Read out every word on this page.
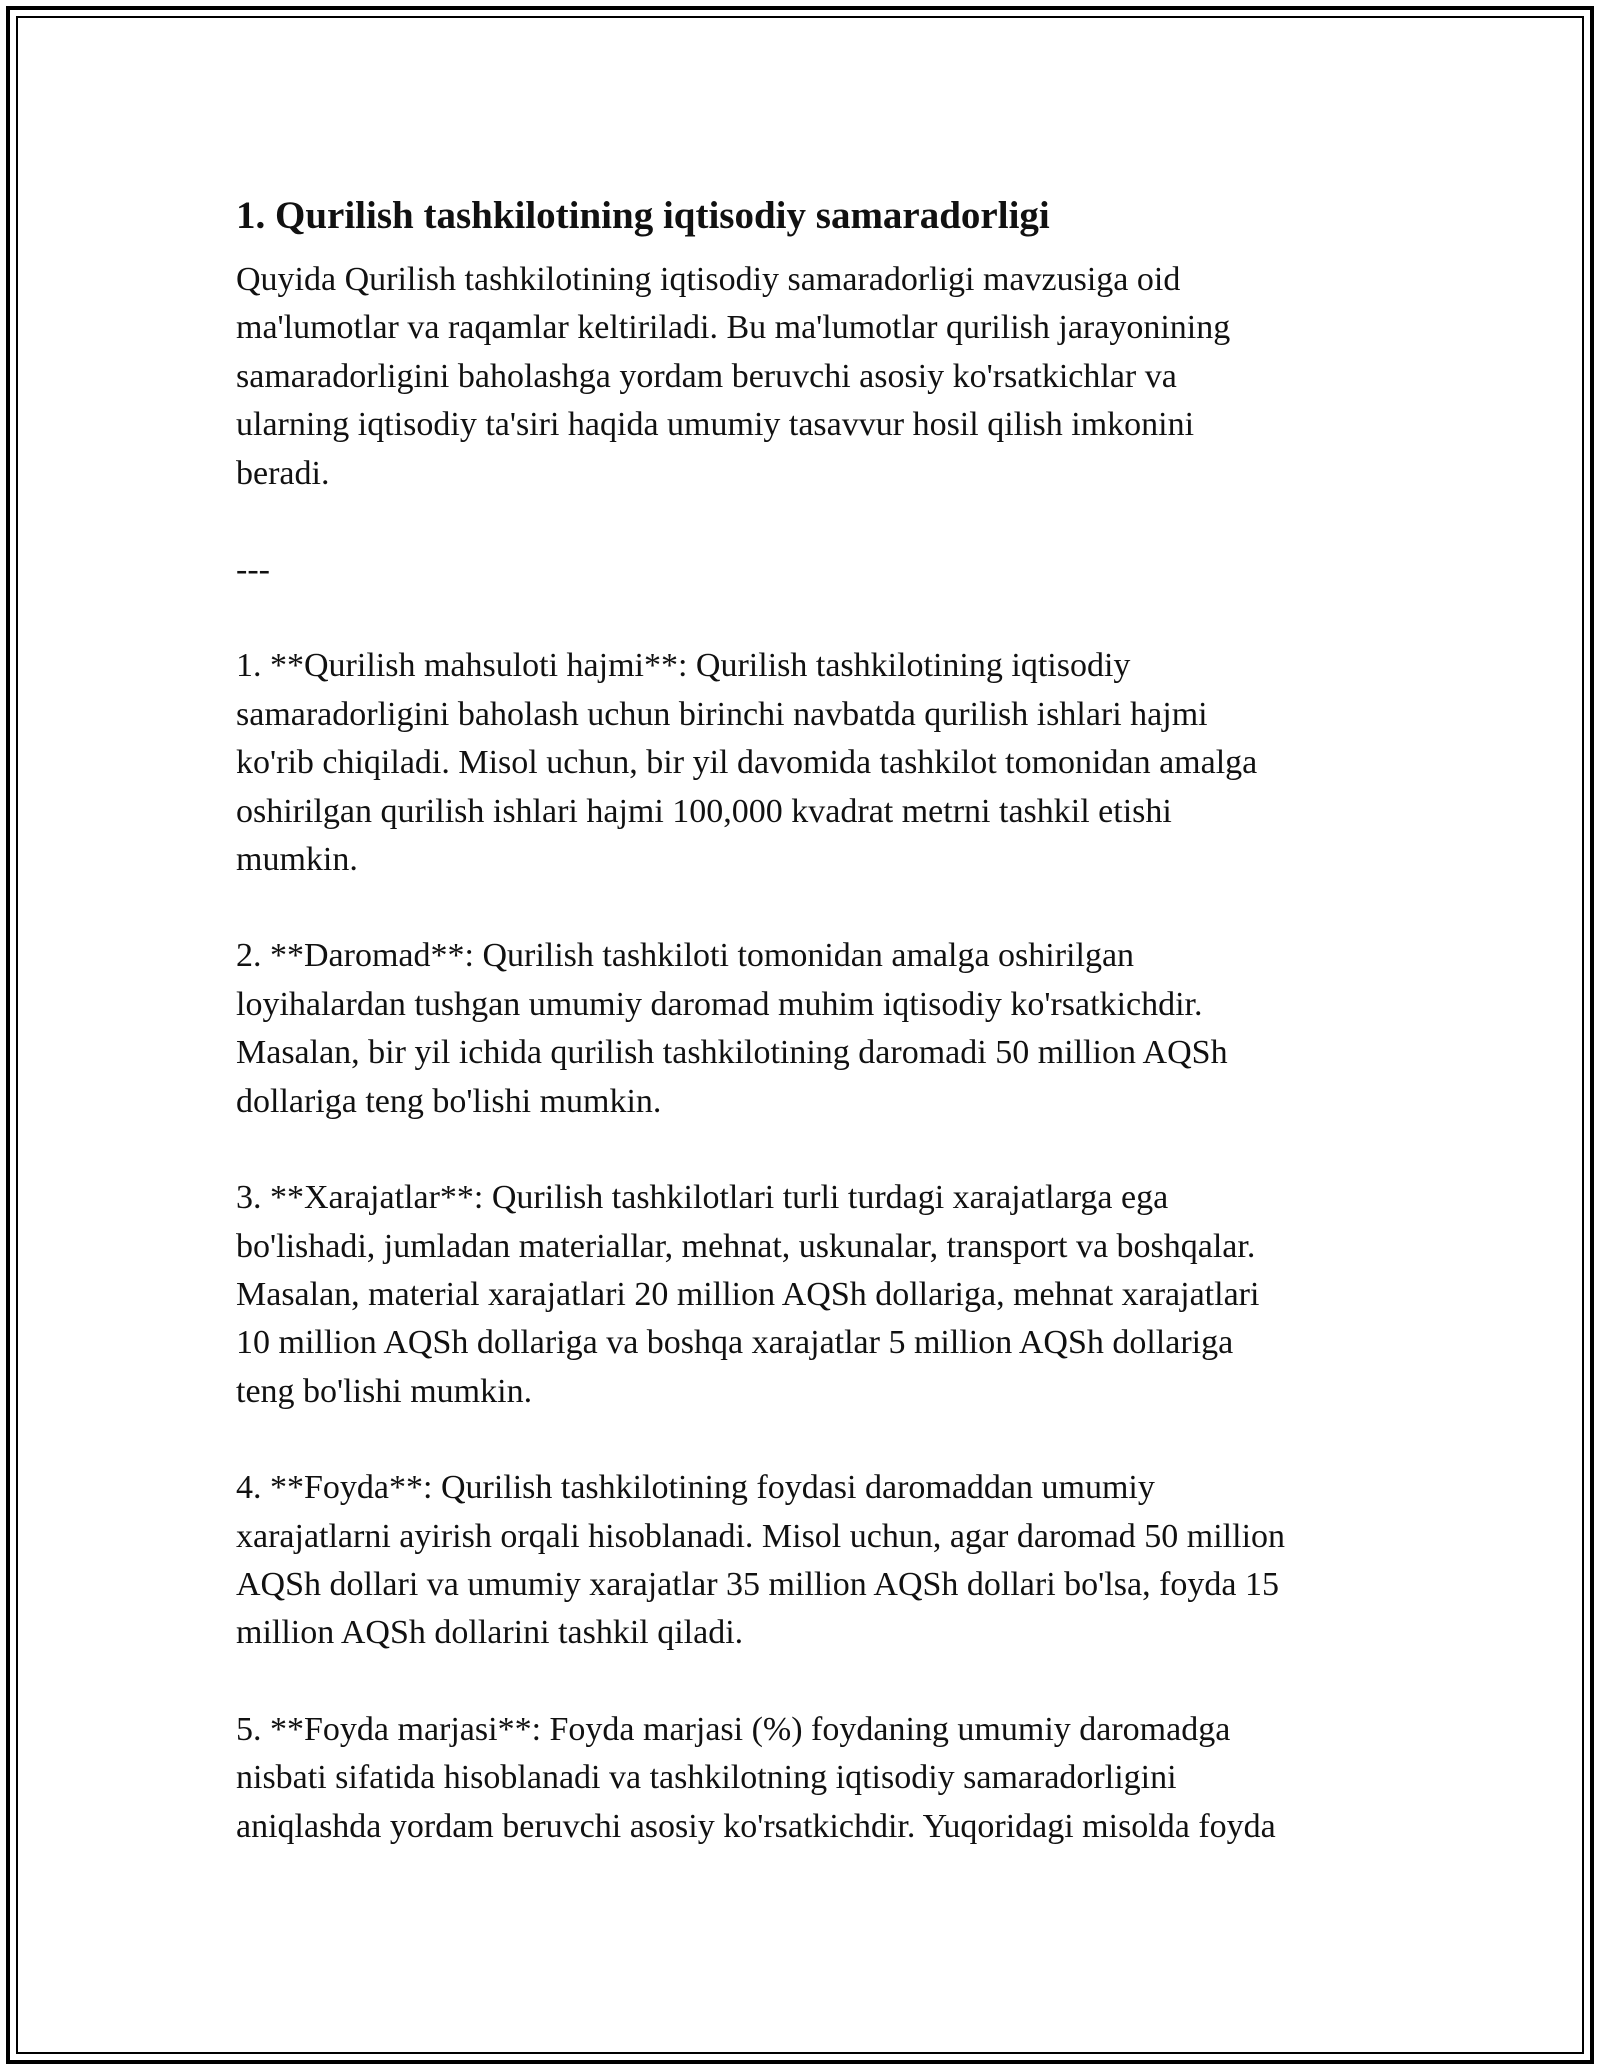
1. Qurilish tashkilotining iqtisodiy samaradorligi

Quyida Qurilish tashkilotining iqtisodiy samaradorligi mavzusiga oid
ma'lumotlar va raqamlar keltiriladi. Bu ma'lumotlar qurilish jarayonining
samaradorligini baholashga yordam beruvchi asosiy ko'rsatkichlar va
ularning iqtisodiy ta'siri haqida umumiy tasavvur hosil qilish imkonini
beradi.

---

1. **Qurilish mahsuloti hajmi**: Qurilish tashkilotining iqtisodiy
samaradorligini baholash uchun birinchi navbatda qurilish ishlari hajmi
ko'rib chiqiladi. Misol uchun, bir yil davomida tashkilot tomonidan amalga
oshirilgan qurilish ishlari hajmi 100,000 kvadrat metrni tashkil etishi
mumkin.

2. **Daromad**: Qurilish tashkiloti tomonidan amalga oshirilgan
loyihalardan tushgan umumiy daromad muhim iqtisodiy ko'rsatkichdir.
Masalan, bir yil ichida qurilish tashkilotining daromadi 50 million AQSh
dollariga teng bo'lishi mumkin.

3. **Xarajatlar**: Qurilish tashkilotlari turli turdagi xarajatlarga ega
bo'lishadi, jumladan materiallar, mehnat, uskunalar, transport va boshqalar.
Masalan, material xarajatlari 20 million AQSh dollariga, mehnat xarajatlari
10 million AQSh dollariga va boshqa xarajatlar 5 million AQSh dollariga
teng bo'lishi mumkin.

4. **Foyda**: Qurilish tashkilotining foydasi daromaddan umumiy
xarajatlarni ayirish orqali hisoblanadi. Misol uchun, agar daromad 50 million
AQSh dollari va umumiy xarajatlar 35 million AQSh dollari bo'lsa, foyda 15
million AQSh dollarini tashkil qiladi.

5. **Foyda marjasi**: Foyda marjasi (%) foydaning umumiy daromadga
nisbati sifatida hisoblanadi va tashkilotning iqtisodiy samaradorligini
aniqlashda yordam beruvchi asosiy ko'rsatkichdir. Yuqoridagi misolda foyda
